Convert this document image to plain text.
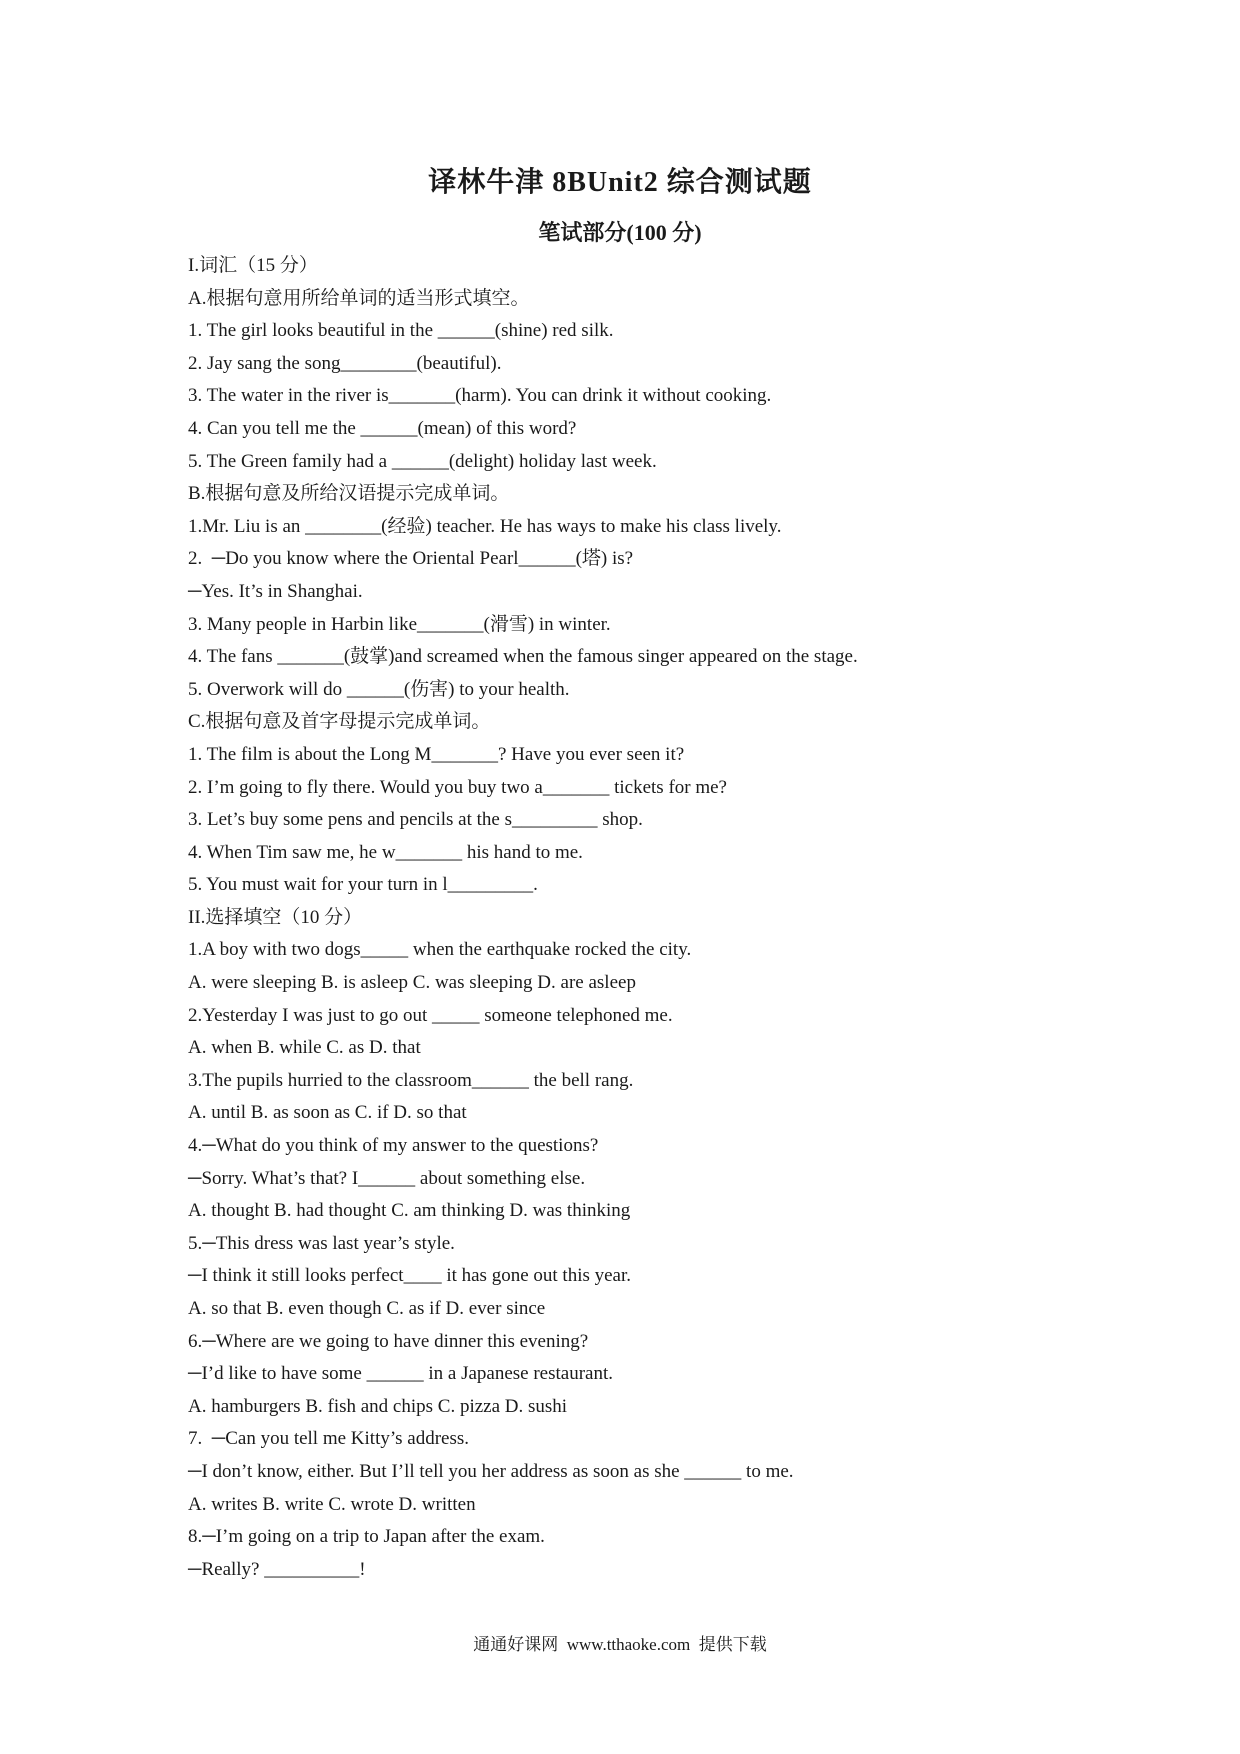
译林牛津 8BUnit2 综合测试题
笔试部分(100 分)
I.词汇（15 分）
A.根据句意用所给单词的适当形式填空。
1. The girl looks beautiful in the ______(shine) red silk.
2. Jay sang the song________(beautiful).
3. The water in the river is_______(harm). You can drink it without cooking.
4. Can you tell me the ______(mean) of this word?
5. The Green family had a ______(delight) holiday last week.
B.根据句意及所给汉语提示完成单词。
1.Mr. Liu is an ________(经验) teacher. He has ways to make his class lively.
2.  ─Do you know where the Oriental Pearl______(塔) is?
─Yes. It’s in Shanghai.
3. Many people in Harbin like_______(滑雪) in winter.
4. The fans _______(鼓掌)and screamed when the famous singer appeared on the stage.
5. Overwork will do ______(伤害) to your health.
C.根据句意及首字母提示完成单词。
1. The film is about the Long M_______? Have you ever seen it?
2. I’m going to fly there. Would you buy two a_______ tickets for me?
3. Let’s buy some pens and pencils at the s_________ shop.
4. When Tim saw me, he w_______ his hand to me.
5. You must wait for your turn in l_________.
II.选择填空（10 分）
1.A boy with two dogs_____ when the earthquake rocked the city.
A. were sleeping B. is asleep C. was sleeping D. are asleep
2.Yesterday I was just to go out _____ someone telephoned me.
A. when B. while C. as D. that
3.The pupils hurried to the classroom______ the bell rang.
A. until B. as soon as C. if D. so that
4.─What do you think of my answer to the questions?
─Sorry. What’s that? I______ about something else.
A. thought B. had thought C. am thinking D. was thinking
5.─This dress was last year’s style.
─I think it still looks perfect____ it has gone out this year.
A. so that B. even though C. as if D. ever since
6.─Where are we going to have dinner this evening?
─I’d like to have some ______ in a Japanese restaurant.
A. hamburgers B. fish and chips C. pizza D. sushi
7.  ─Can you tell me Kitty’s address.
─I don’t know, either. But I’ll tell you her address as soon as she ______ to me.
A. writes B. write C. wrote D. written
8.─I’m going on a trip to Japan after the exam.
─Really? __________!
通通好课网  www.tthaoke.com  提供下载
